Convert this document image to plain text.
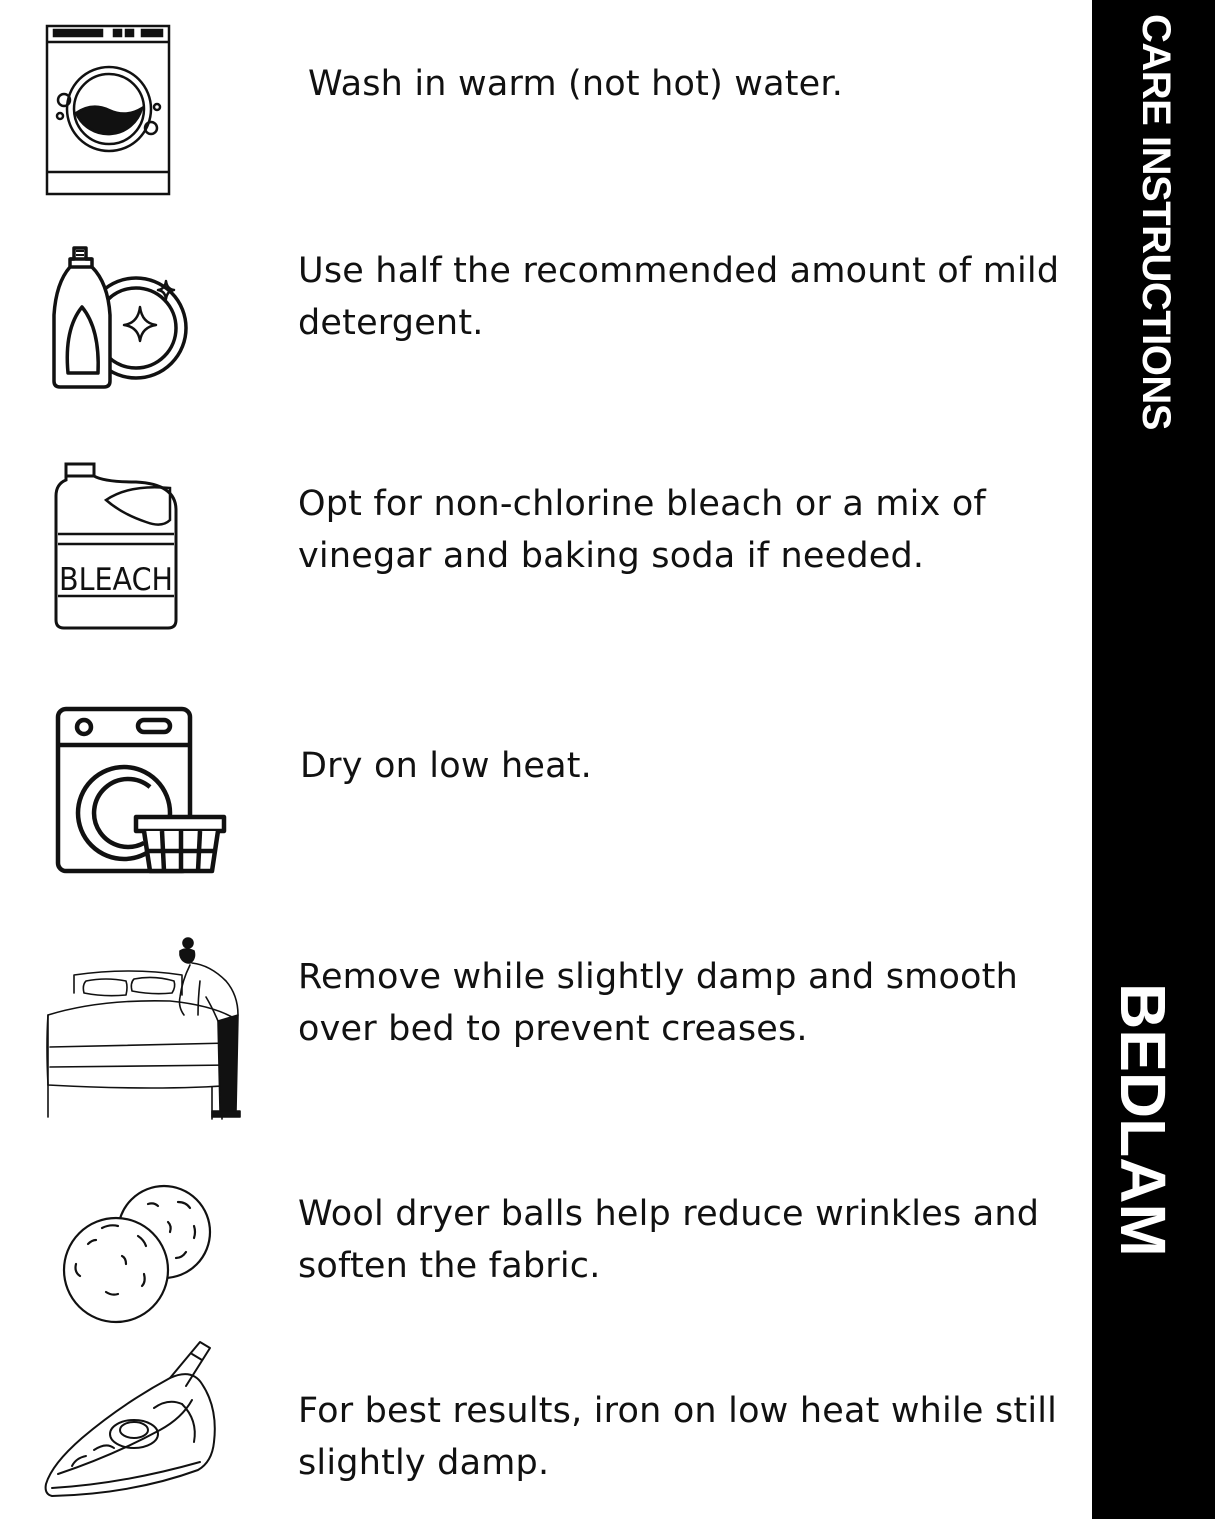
Wash in warm (not hot) water.
Use half the recommended amount of mild detergent.
BLEACH
Opt for non-chlorine bleach or a mix of vinegar and baking soda if needed.
Dry on low heat.
Remove while slightly damp and smooth over bed to prevent creases.
Wool dryer balls help reduce wrinkles and soften the fabric.
For best results, iron on low heat while still slightly damp.
CARE INSTRUCTIONS
BEDLAM
